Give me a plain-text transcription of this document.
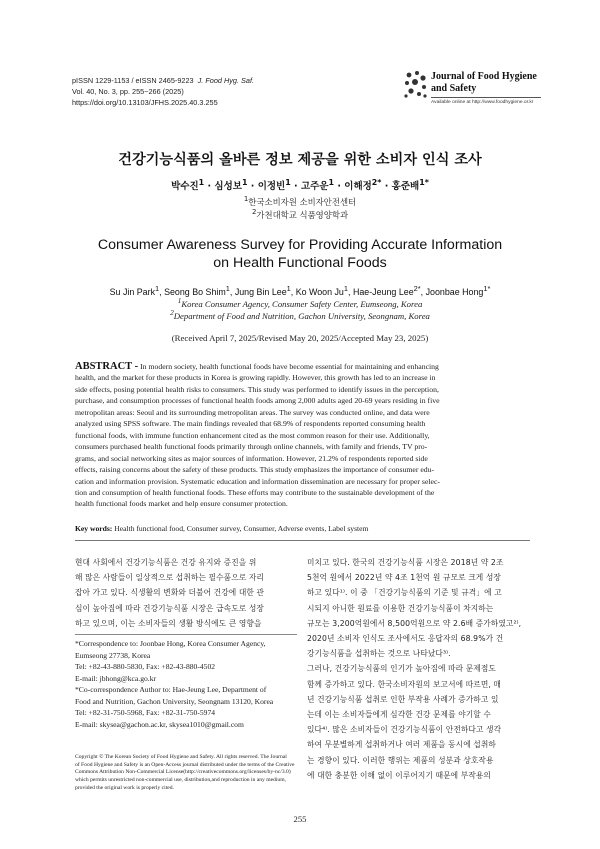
pISSN 1229-1153 / eISSN 2465-9223 J. Food Hyg. Saf.
Vol. 40, No. 3, pp. 255~266 (2025)
https://doi.org/10.13103/JFHS.2025.40.3.255
Journal of Food Hygiene
and Safety
Available online at http://www.foodhygiene.or.kr
건강기능식품의 올바른 정보 제공을 위한 소비자 인식 조사
박수진$^1$ · 심성보$^1$ · 이정빈$^1$ · 고주운$^1$ · 이해정$^{2*}$ · 홍준배$^{1*}$
$^1$한국소비자원 소비자안전센터
$^2$가천대학교 식품영양학과
Consumer Awareness Survey for Providing Accurate Information
on Health Functional Foods
Su Jin Park$^1$, Seong Bo Shim$^1$, Jung Bin Lee$^1$, Ko Woon Ju$^1$, Hae-Jeung Lee$^{2*}$, Joonbae Hong$^{1*}$
$^1$Korea Consumer Agency, Consumer Safety Center, Eumseong, Korea
$^2$Department of Food and Nutrition, Gachon University, Seongnam, Korea
(Received April 7, 2025/Revised May 20, 2025/Accepted May 23, 2025)
ABSTRACT - In modern society, health functional foods have become essential for maintaining and enhancing
health, and the market for these products in Korea is growing rapidly. However, this growth has led to an increase in
side effects, posing potential health risks to consumers. This study was performed to identify issues in the perception,
purchase, and consumption processes of functional health foods among 2,000 adults aged 20-69 years residing in five
metropolitan areas: Seoul and its surrounding metropolitan areas. The survey was conducted online, and data were
analyzed using SPSS software. The main findings revealed that 68.9% of respondents reported consuming health
functional foods, with immune function enhancement cited as the most common reason for their use. Additionally,
consumers purchased health functional foods primarily through online channels, with family and friends, TV pro-
grams, and social networking sites as major sources of information. However, 21.2% of respondents reported side
effects, raising concerns about the safety of these products. This study emphasizes the importance of consumer edu-
cation and information provision. Systematic education and information dissemination are necessary for proper selec-
tion and consumption of health functional foods. These efforts may contribute to the sustainable development of the
health functional foods market and help ensure consumer protection.
Key words: Health functional food, Consumer survey, Consumer, Adverse events, Label system
현대 사회에서 건강기능식품은 건강 유지와 증진을 위
해 많은 사람들이 일상적으로 섭취하는 필수품으로 자리
잡아 가고 있다. 식생활의 변화와 더불어 건강에 대한 관
심이 높아짐에 따라 건강기능식품 시장은 급속도로 성장
하고 있으며, 이는 소비자들의 생활 방식에도 큰 영향을
미치고 있다. 한국의 건강기능식품 시장은 2018년 약 2조
5천억 원에서 2022년 약 4조 1천억 원 규모로 크게 성장
하고 있다¹⁾. 이 중 「건강기능식품의 기준 및 규격」에 고
시되지 아니한 원료를 이용한 건강기능식품이 차지하는
규모는 3,200억원에서 8,500억원으로 약 2.6배 증가하였고²⁾,
2020년 소비자 인식도 조사에서도 응답자의 68.9%가 건
강기능식품을 섭취하는 것으로 나타났다³⁾.
그러나, 건강기능식품의 인기가 높아짐에 따라 문제점도
함께 증가하고 있다. 한국소비자원의 보고서에 따르면, 매
년 건강기능식품 섭취로 인한 부작용 사례가 증가하고 있
는데 이는 소비자들에게 심각한 건강 문제를 야기할 수
있다⁴⁾. 많은 소비자들이 건강기능식품이 안전하다고 생각
하여 무분별하게 섭취하거나 여러 제품을 동시에 섭취하
는 경향이 있다. 이러한 행위는 제품의 성분과 상호작용
에 대한 충분한 이해 없이 이루어지기 때문에 부작용의
*Correspondence to: Joonbae Hong, Korea Consumer Agency,
Eumseong 27738, Korea
Tel: +82-43-880-5830, Fax: +82-43-880-4502
E-mail: jbhong@kca.go.kr
*Co-correspondence Author to: Hae-Jeung Lee, Department of
Food and Nutrition, Gachon University, Seongnam 13120, Korea
Tel: +82-31-750-5968, Fax: +82-31-750-5974
E-mail: skysea@gachon.ac.kr, skysea1010@gmail.com
Copyright © The Korean Society of Food Hygiene and Safety. All rights reserved. The Journal
of Food Hygiene and Safety is an Open-Access journal distributed under the terms of the Creative
Commons Attribution Non-Commercial License(http://creativecommons.org/licenses/by-nc/3.0)
which permits unrestricted non-commercial use, distribution,and reproduction in any medium,
provided the original work is properly cited.
255
